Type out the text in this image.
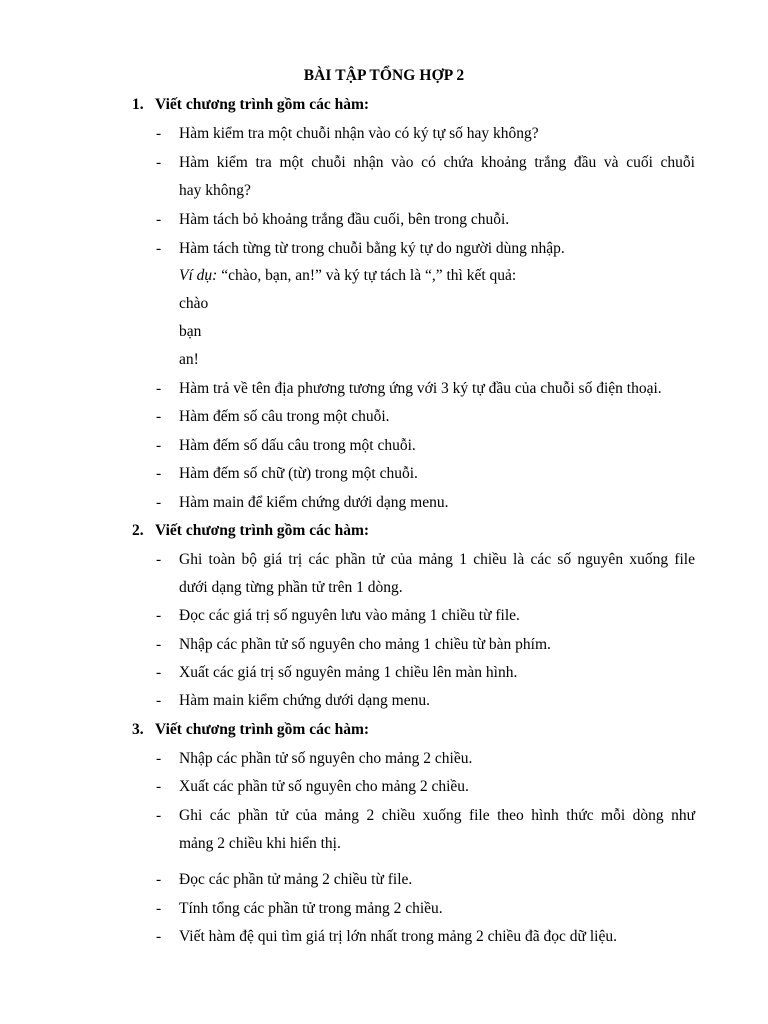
BÀI TẬP TỔNG HỢP 2
1. Viết chương trình gồm các hàm:
- Hàm kiểm tra một chuỗi nhận vào có ký tự số hay không?
- Hàm kiểm tra một chuỗi nhận vào có chứa khoảng trắng đầu và cuối chuỗi
hay không?
- Hàm tách bỏ khoảng trắng đầu cuối, bên trong chuỗi.
- Hàm tách từng từ trong chuỗi bằng ký tự do người dùng nhập.
Ví dụ: “chào, bạn, an!” và ký tự tách là “,” thì kết quả:
chào
bạn
an!
- Hàm trả về tên địa phương tương ứng với 3 ký tự đầu của chuỗi số điện thoại.
- Hàm đếm số câu trong một chuỗi.
- Hàm đếm số dấu câu trong một chuỗi.
- Hàm đếm số chữ (từ) trong một chuỗi.
- Hàm main để kiểm chứng dưới dạng menu.
2. Viết chương trình gồm các hàm:
- Ghi toàn bộ giá trị các phần tử của mảng 1 chiều là các số nguyên xuống file
dưới dạng từng phần tử trên 1 dòng.
- Đọc các giá trị số nguyên lưu vào mảng 1 chiều từ file.
- Nhập các phần tử số nguyên cho mảng 1 chiều từ bàn phím.
- Xuất các giá trị số nguyên mảng 1 chiều lên màn hình.
- Hàm main kiểm chứng dưới dạng menu.
3. Viết chương trình gồm các hàm:
- Nhập các phần tử số nguyên cho mảng 2 chiều.
- Xuất các phần tử số nguyên cho mảng 2 chiều.
- Ghi các phần tử của mảng 2 chiều xuống file theo hình thức mỗi dòng như
mảng 2 chiều khi hiển thị.
- Đọc các phần tử mảng 2 chiều từ file.
- Tính tổng các phần tử trong mảng 2 chiều.
- Viết hàm đệ qui tìm giá trị lớn nhất trong mảng 2 chiều đã đọc dữ liệu.
